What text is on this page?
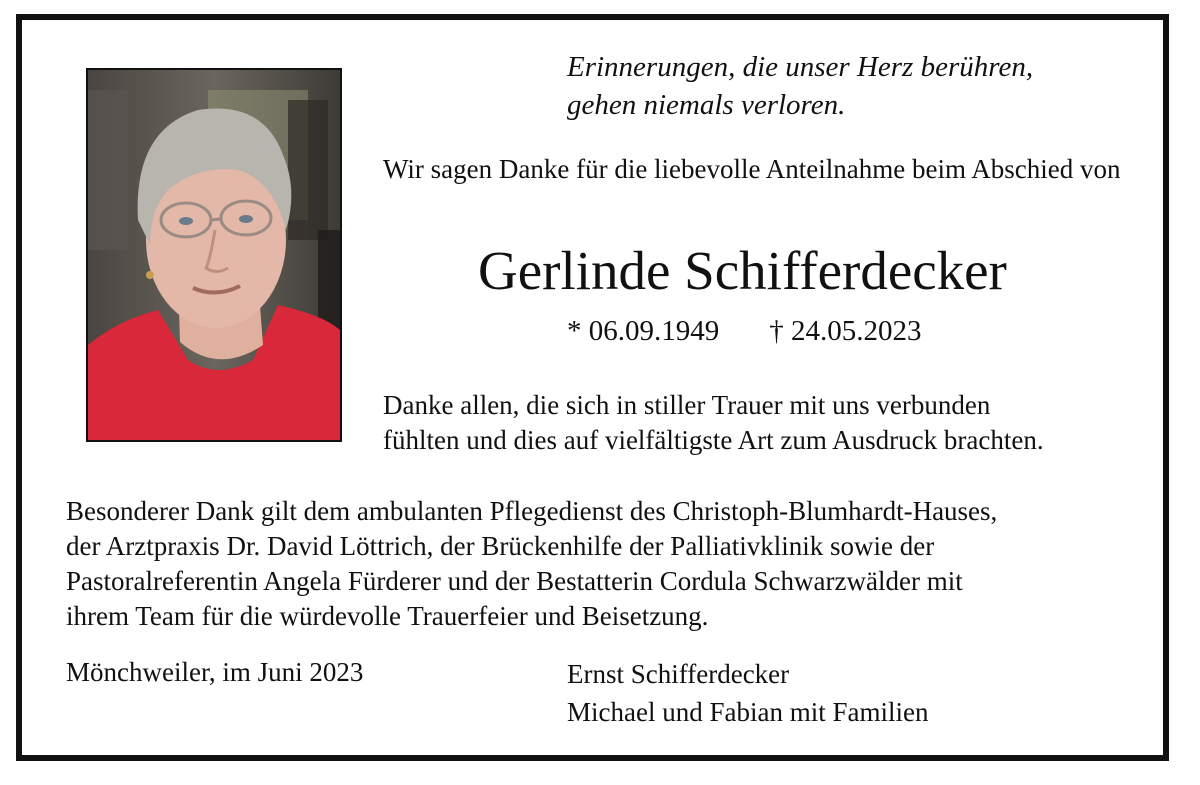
Erinnerungen, die unser Herz berühren,
gehen niemals verloren.
Wir sagen Danke für die liebevolle Anteilnahme beim Abschied von
Gerlinde Schifferdecker
* 06.09.1949 † 24.05.2023
Danke allen, die sich in stiller Trauer mit uns verbunden
fühlten und dies auf vielfältigste Art zum Ausdruck brachten.
Besonderer Dank gilt dem ambulanten Pflegedienst des Christoph-Blumhardt-Hauses,
der Arztpraxis Dr. David Löttrich, der Brückenhilfe der Palliativklinik sowie der
Pastoralreferentin Angela Fürderer und der Bestatterin Cordula Schwarzwälder mit
ihrem Team für die würdevolle Trauerfeier und Beisetzung.
Mönchweiler, im Juni 2023	Ernst Schifferdecker
Michael und Fabian mit Familien
